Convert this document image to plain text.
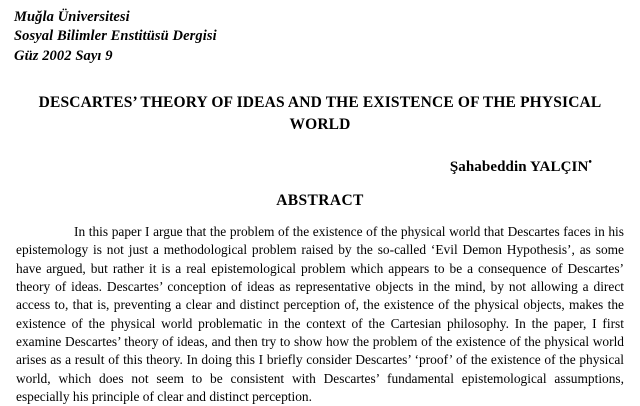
Muğla Üniversitesi
Sosyal Bilimler Enstitüsü Dergisi
Güz 2002 Sayı 9
DESCARTES’ THEORY OF IDEAS AND THE EXISTENCE OF THE PHYSICAL WORLD
Şahabeddin YALÇIN•
ABSTRACT
In this paper I argue that the problem of the existence of the physical world that Descartes faces in his epistemology is not just a methodological problem raised by the so-called ‘Evil Demon Hypothesis’, as some have argued, but rather it is a real epistemological problem which appears to be a consequence of Descartes’ theory of ideas. Descartes’ conception of ideas as representative objects in the mind, by not allowing a direct access to, that is, preventing a clear and distinct perception of, the existence of the physical objects, makes the existence of the physical world problematic in the context of the Cartesian philosophy. In the paper, I first examine Descartes’ theory of ideas, and then try to show how the problem of the existence of the physical world arises as a result of this theory. In doing this I briefly consider Descartes’ ‘proof’ of the existence of the physical world, which does not seem to be consistent with Descartes’ fundamental epistemological assumptions, especially his principle of clear and distinct perception.
